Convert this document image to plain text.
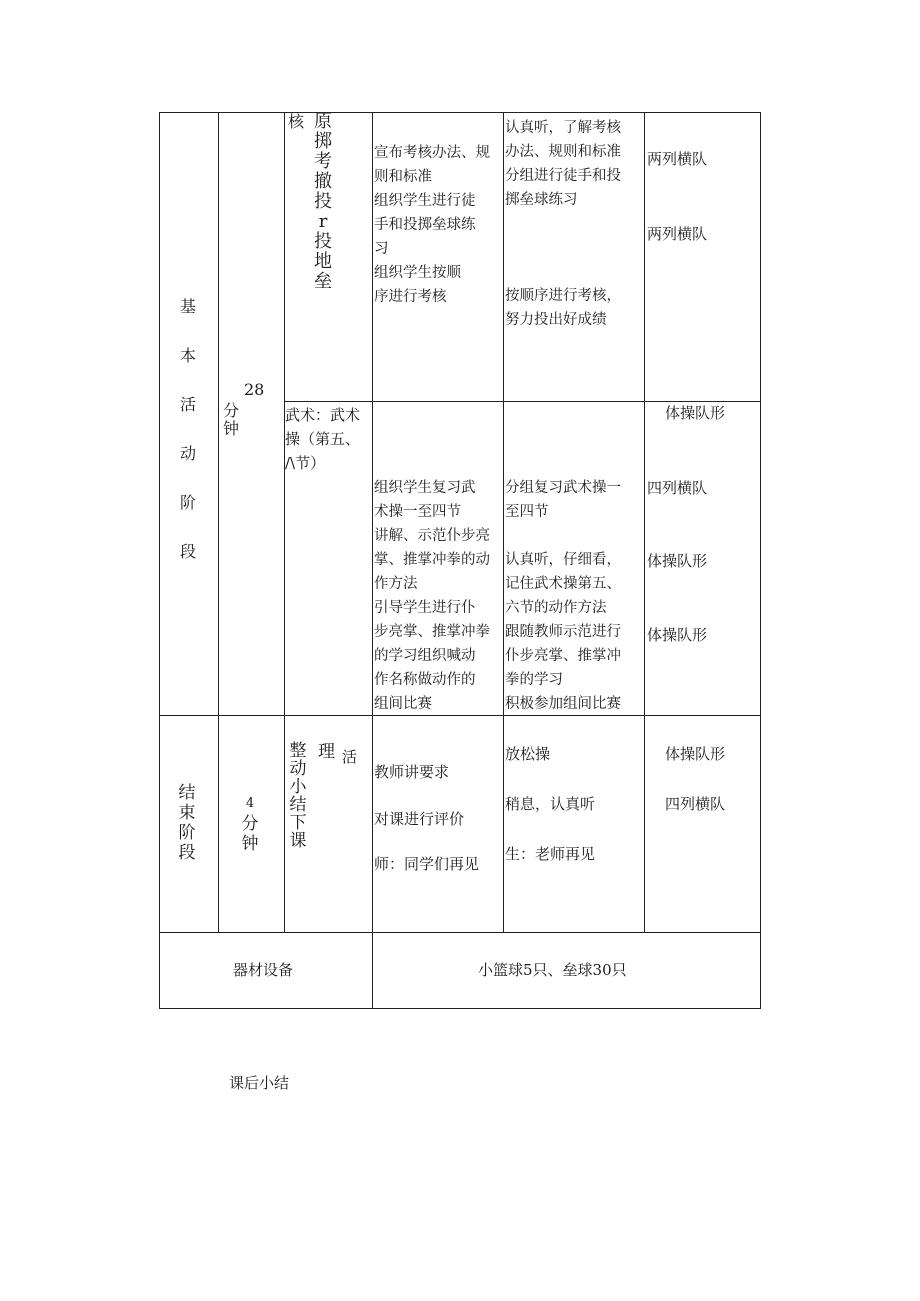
基
本
活
动
阶
段
28
分
钟
核 原
掷
考
撤
投
r
投
地
垒
宣布考核办法、规
则和标准
组织学生进行徒
手和投掷垒球练
习
组织学生按顺
序进行考核
认真听，了解考核
办法、规则和标准
分组进行徒手和投
掷垒球练习
按顺序进行考核，
努力投出好成绩
两列横队
两列横队
武术：武术
操（第五、
/\节）
组织学生复习武
术操一至四节
讲解、示范仆步亮
掌、推掌冲拳的动
作方法
引导学生进行仆
步亮掌、推掌冲拳
的学习组织喊动
作名称做动作的
组间比赛
分组复习武术操一
至四节
认真听，仔细看，
记住武术操第五、
六节的动作方法
跟随教师示范进行
仆步亮掌、推掌冲
拳的学习
积极参加组间比赛
体操队形
四列横队
体操队形
体操队形
结
束
阶
段
4
分
钟
整
动
小
结
下
课
理 活
教师讲要求
对课进行评价
师：同学们再见
放松操
稍息，认真听
生：老师再见
体操队形
四列横队
器材设备	小篮球5只、垒球30只
课后小结
